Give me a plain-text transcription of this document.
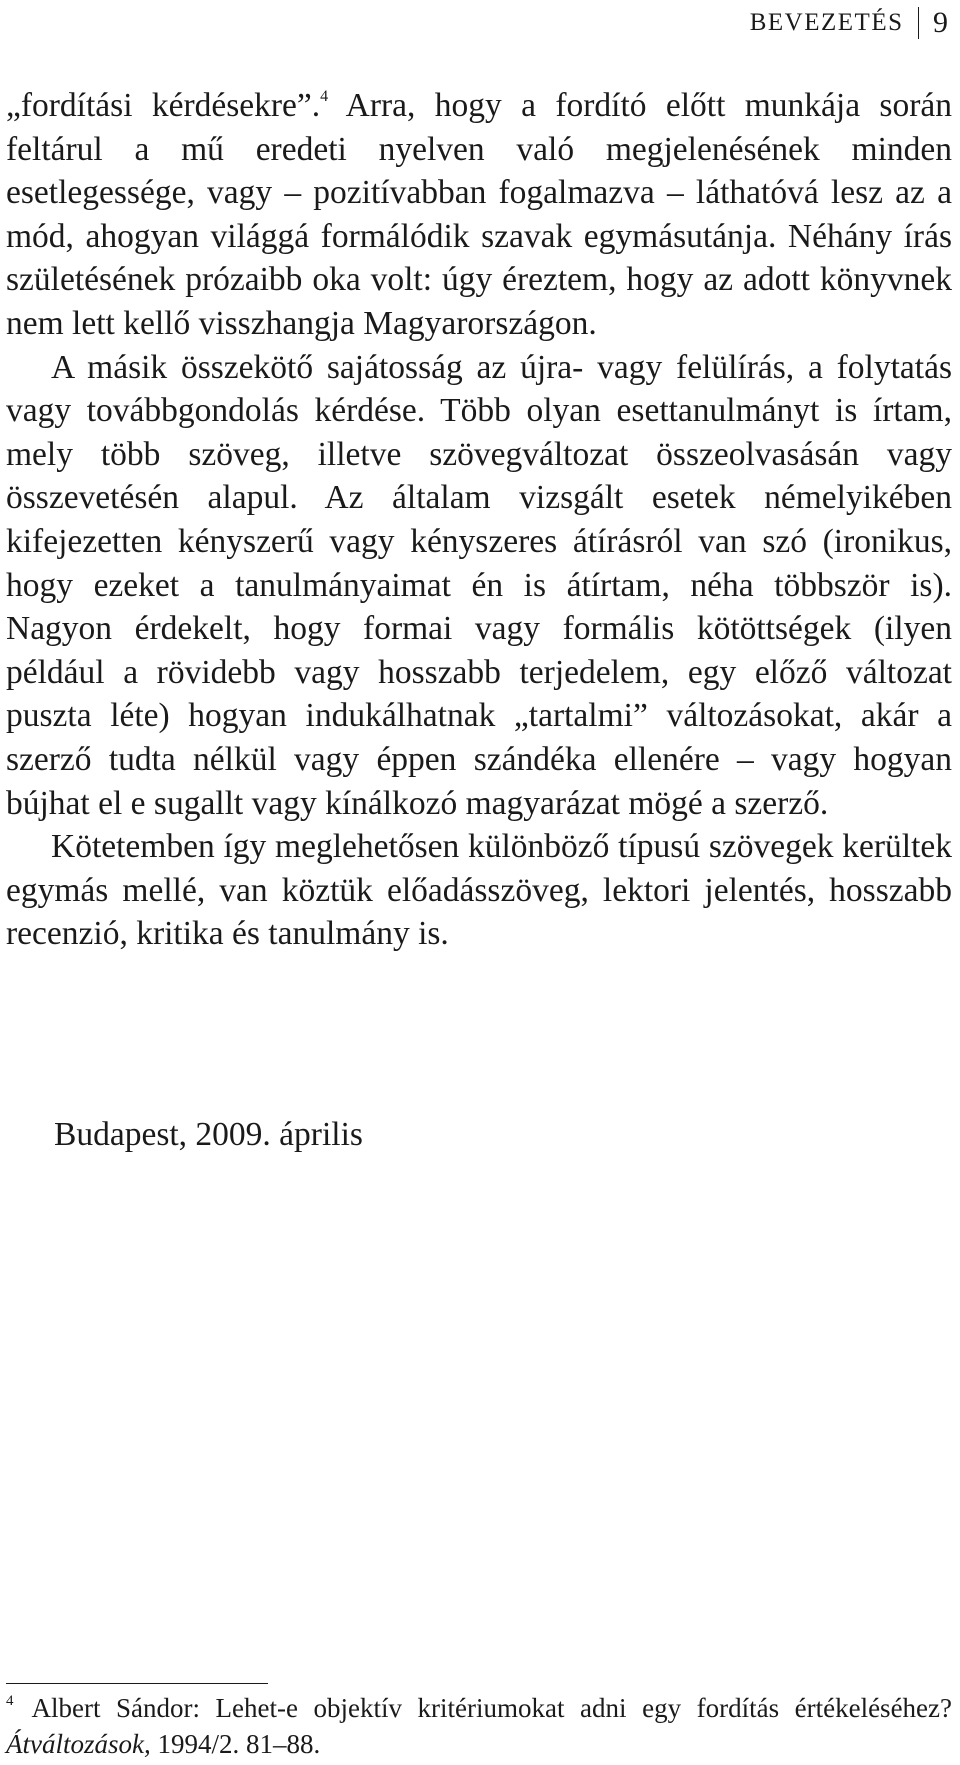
BEVEZETÉS 9

„fordítási kérdésekre”.$^4$ Arra, hogy a fordító előtt munkája során feltárul a mű eredeti nyelven való megjelenésének minden esetlegessége, vagy – pozitívabban fogalmazva – láthatóvá lesz az a mód, ahogyan világgá formálódik szavak egymásutánja. Néhány írás születésének prózaibb oka volt: úgy éreztem, hogy az adott könyvnek nem lett kellő visszhangja Magyarországon.

A másik összekötő sajátosság az újra- vagy felülírás, a folytatás vagy továbbgondolás kérdése. Több olyan esettanulmányt is írtam, mely több szöveg, illetve szövegváltozat összeolvasásán vagy összevetésén alapul. Az általam vizsgált esetek némelyikében kifejezetten kényszerű vagy kényszeres átírásról van szó (ironikus, hogy ezeket a tanulmányaimat én is átírtam, néha többször is). Nagyon érdekelt, hogy formai vagy formális kötöttségek (ilyen például a rövidebb vagy hosszabb terjedelem, egy előző változat puszta léte) hogyan indukálhatnak „tartalmi” változásokat, akár a szerző tudta nélkül vagy éppen szándéka ellenére – vagy hogyan bújhat el e sugallt vagy kínálkozó magyarázat mögé a szerző.

Kötetemben így meglehetősen különböző típusú szövegek kerültek egymás mellé, van köztük előadásszöveg, lektori jelentés, hosszabb recenzió, kritika és tanulmány is.

Budapest, 2009. április
$^4$ Albert Sándor: Lehet-e objektív kritériumokat adni egy fordítás értékeléséhez? Átváltozások, 1994/2. 81–88.
